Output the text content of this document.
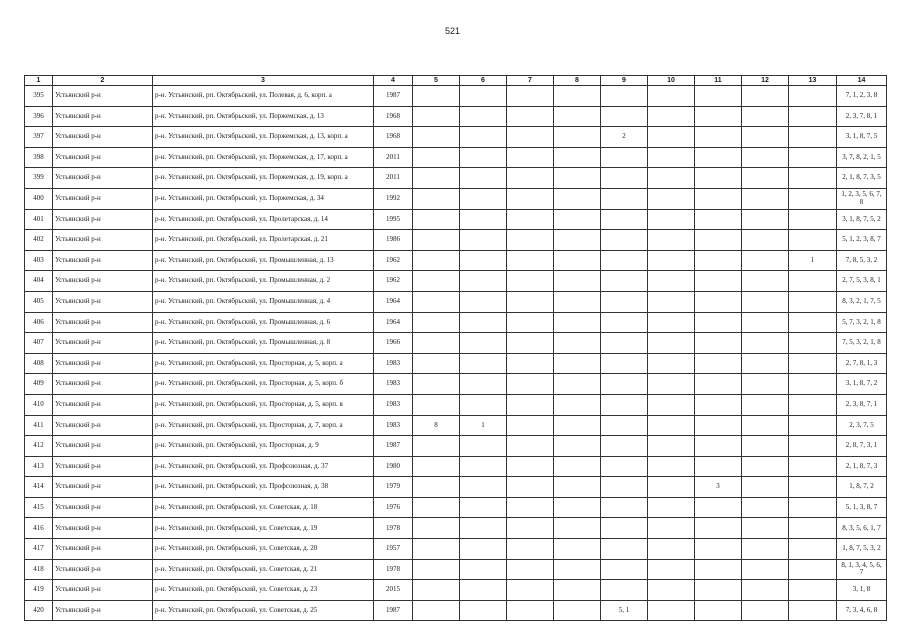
521
1	2	3	4	5	6	7	8	9	10	11	12	13	14
395	Устьянский р-н	р-н. Устьянский, рп. Октябрьский, ул. Полевая, д. 6, корп. а	1987										7, 1, 2, 3, 8
396	Устьянский р-н	р-н. Устьянский, рп. Октябрьский, ул. Поржемская, д. 13	1968										2, 3, 7, 8, 1
397	Устьянский р-н	р-н. Устьянский, рп. Октябрьский, ул. Поржемская, д. 13, корп. а	1968					2					3, 1, 8, 7, 5
398	Устьянский р-н	р-н. Устьянский, рп. Октябрьский, ул. Поржемская, д. 17, корп. а	2011										3, 7, 8, 2, 1, 5
399	Устьянский р-н	р-н. Устьянский, рп. Октябрьский, ул. Поржемская, д. 19, корп. а	2011										2, 1, 8, 7, 3, 5
400	Устьянский р-н	р-н. Устьянский, рп. Октябрьский, ул. Поржемская, д. 34	1992										1, 2, 3, 5, 6, 7, 8
401	Устьянский р-н	р-н. Устьянский, рп. Октябрьский, ул. Пролетарская, д. 14	1995										3, 1, 8, 7, 5, 2
402	Устьянский р-н	р-н. Устьянский, рп. Октябрьский, ул. Пролетарская, д. 21	1986										5, 1, 2, 3, 8, 7
403	Устьянский р-н	р-н. Устьянский, рп. Октябрьский, ул. Промышленная, д. 13	1962									1	7, 8, 5, 3, 2
404	Устьянский р-н	р-н. Устьянский, рп. Октябрьский, ул. Промышленная, д. 2	1962										2, 7, 5, 3, 8, 1
405	Устьянский р-н	р-н. Устьянский, рп. Октябрьский, ул. Промышленная, д. 4	1964										8, 3, 2, 1, 7, 5
406	Устьянский р-н	р-н. Устьянский, рп. Октябрьский, ул. Промышленная, д. 6	1964										5, 7, 3, 2, 1, 8
407	Устьянский р-н	р-н. Устьянский, рп. Октябрьский, ул. Промышленная, д. 8	1966										7, 5, 3, 2, 1, 8
408	Устьянский р-н	р-н. Устьянский, рп. Октябрьский, ул. Просторная, д. 5, корп. а	1983										2, 7, 8, 1, 3
409	Устьянский р-н	р-н. Устьянский, рп. Октябрьский, ул. Просторная, д. 5, корп. б	1983										3, 1, 8, 7, 2
410	Устьянский р-н	р-н. Устьянский, рп. Октябрьский, ул. Просторная, д. 5, корп. в	1983										2, 3, 8, 7, 1
411	Устьянский р-н	р-н. Устьянский, рп. Октябрьский, ул. Просторная, д. 7, корп. а	1983	8	1								2, 3, 7, 5
412	Устьянский р-н	р-н. Устьянский, рп. Октябрьский, ул. Просторная, д. 9	1987										2, 8, 7, 3, 1
413	Устьянский р-н	р-н. Устьянский, рп. Октябрьский, ул. Профсоюзная, д. 37	1980										2, 1, 8, 7, 3
414	Устьянский р-н	р-н. Устьянский, рп. Октябрьский, ул. Профсоюзная, д. 38	1979							3			1, 8, 7, 2
415	Устьянский р-н	р-н. Устьянский, рп. Октябрьский, ул. Советская, д. 18	1976										5, 1, 3, 8, 7
416	Устьянский р-н	р-н. Устьянский, рп. Октябрьский, ул. Советская, д. 19	1978										8, 3, 5, 6, 1, 7
417	Устьянский р-н	р-н. Устьянский, рп. Октябрьский, ул. Советская, д. 20	1957										1, 8, 7, 5, 3, 2
418	Устьянский р-н	р-н. Устьянский, рп. Октябрьский, ул. Советская, д. 21	1978										8, 1, 3, 4, 5, 6, 7
419	Устьянский р-н	р-н. Устьянский, рп. Октябрьский, ул. Советская, д. 23	2015										3, 1, 8
420	Устьянский р-н	р-н. Устьянский, рп. Октябрьский, ул. Советская, д. 25	1987					5, 1					7, 3, 4, 6, 8
